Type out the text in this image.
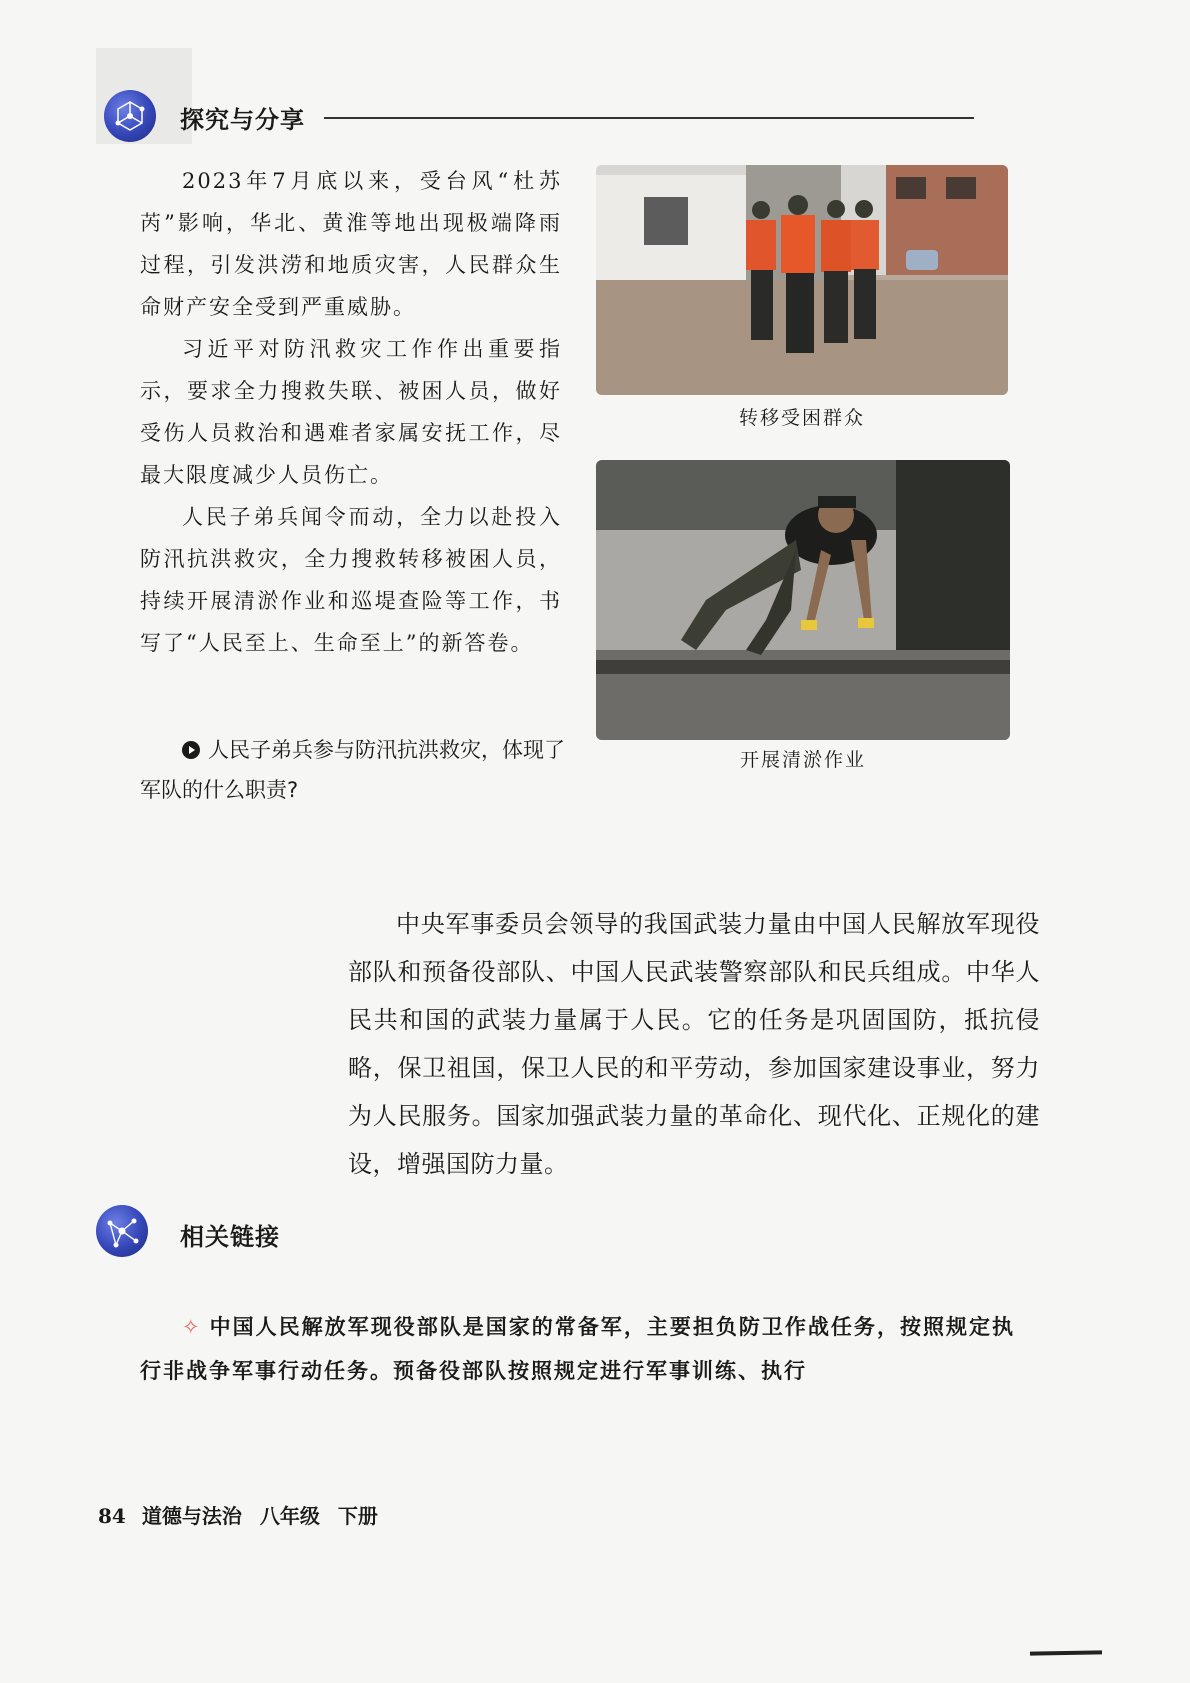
探究与分享

2023年7月底以来，受台风“杜苏芮”影响，华北、黄淮等地出现极端降雨过程，引发洪涝和地质灾害，人民群众生命财产安全受到严重威胁。

习近平对防汛救灾工作作出重要指示，要求全力搜救失联、被困人员，做好受伤人员救治和遇难者家属安抚工作，尽最大限度减少人员伤亡。

人民子弟兵闻令而动，全力以赴投入防汛抗洪救灾，全力搜救转移被困人员，持续开展清淤作业和巡堤查险等工作，书写了“人民至上、生命至上”的新答卷。

人民子弟兵参与防汛抗洪救灾，体现了军队的什么职责?
转移受困群众
开展清淤作业
中央军事委员会领导的我国武装力量由中国人民解放军现役部队和预备役部队、中国人民武装警察部队和民兵组成。中华人民共和国的武装力量属于人民。它的任务是巩固国防，抵抗侵略，保卫祖国，保卫人民的和平劳动，参加国家建设事业，努力为人民服务。国家加强武装力量的革命化、现代化、正规化的建设，增强国防力量。
相关链接
✧ 中国人民解放军现役部队是国家的常备军，主要担负防卫作战任务，按照规定执行非战争军事行动任务。预备役部队按照规定进行军事训练、执行
84 道德与法治 八年级 下册
